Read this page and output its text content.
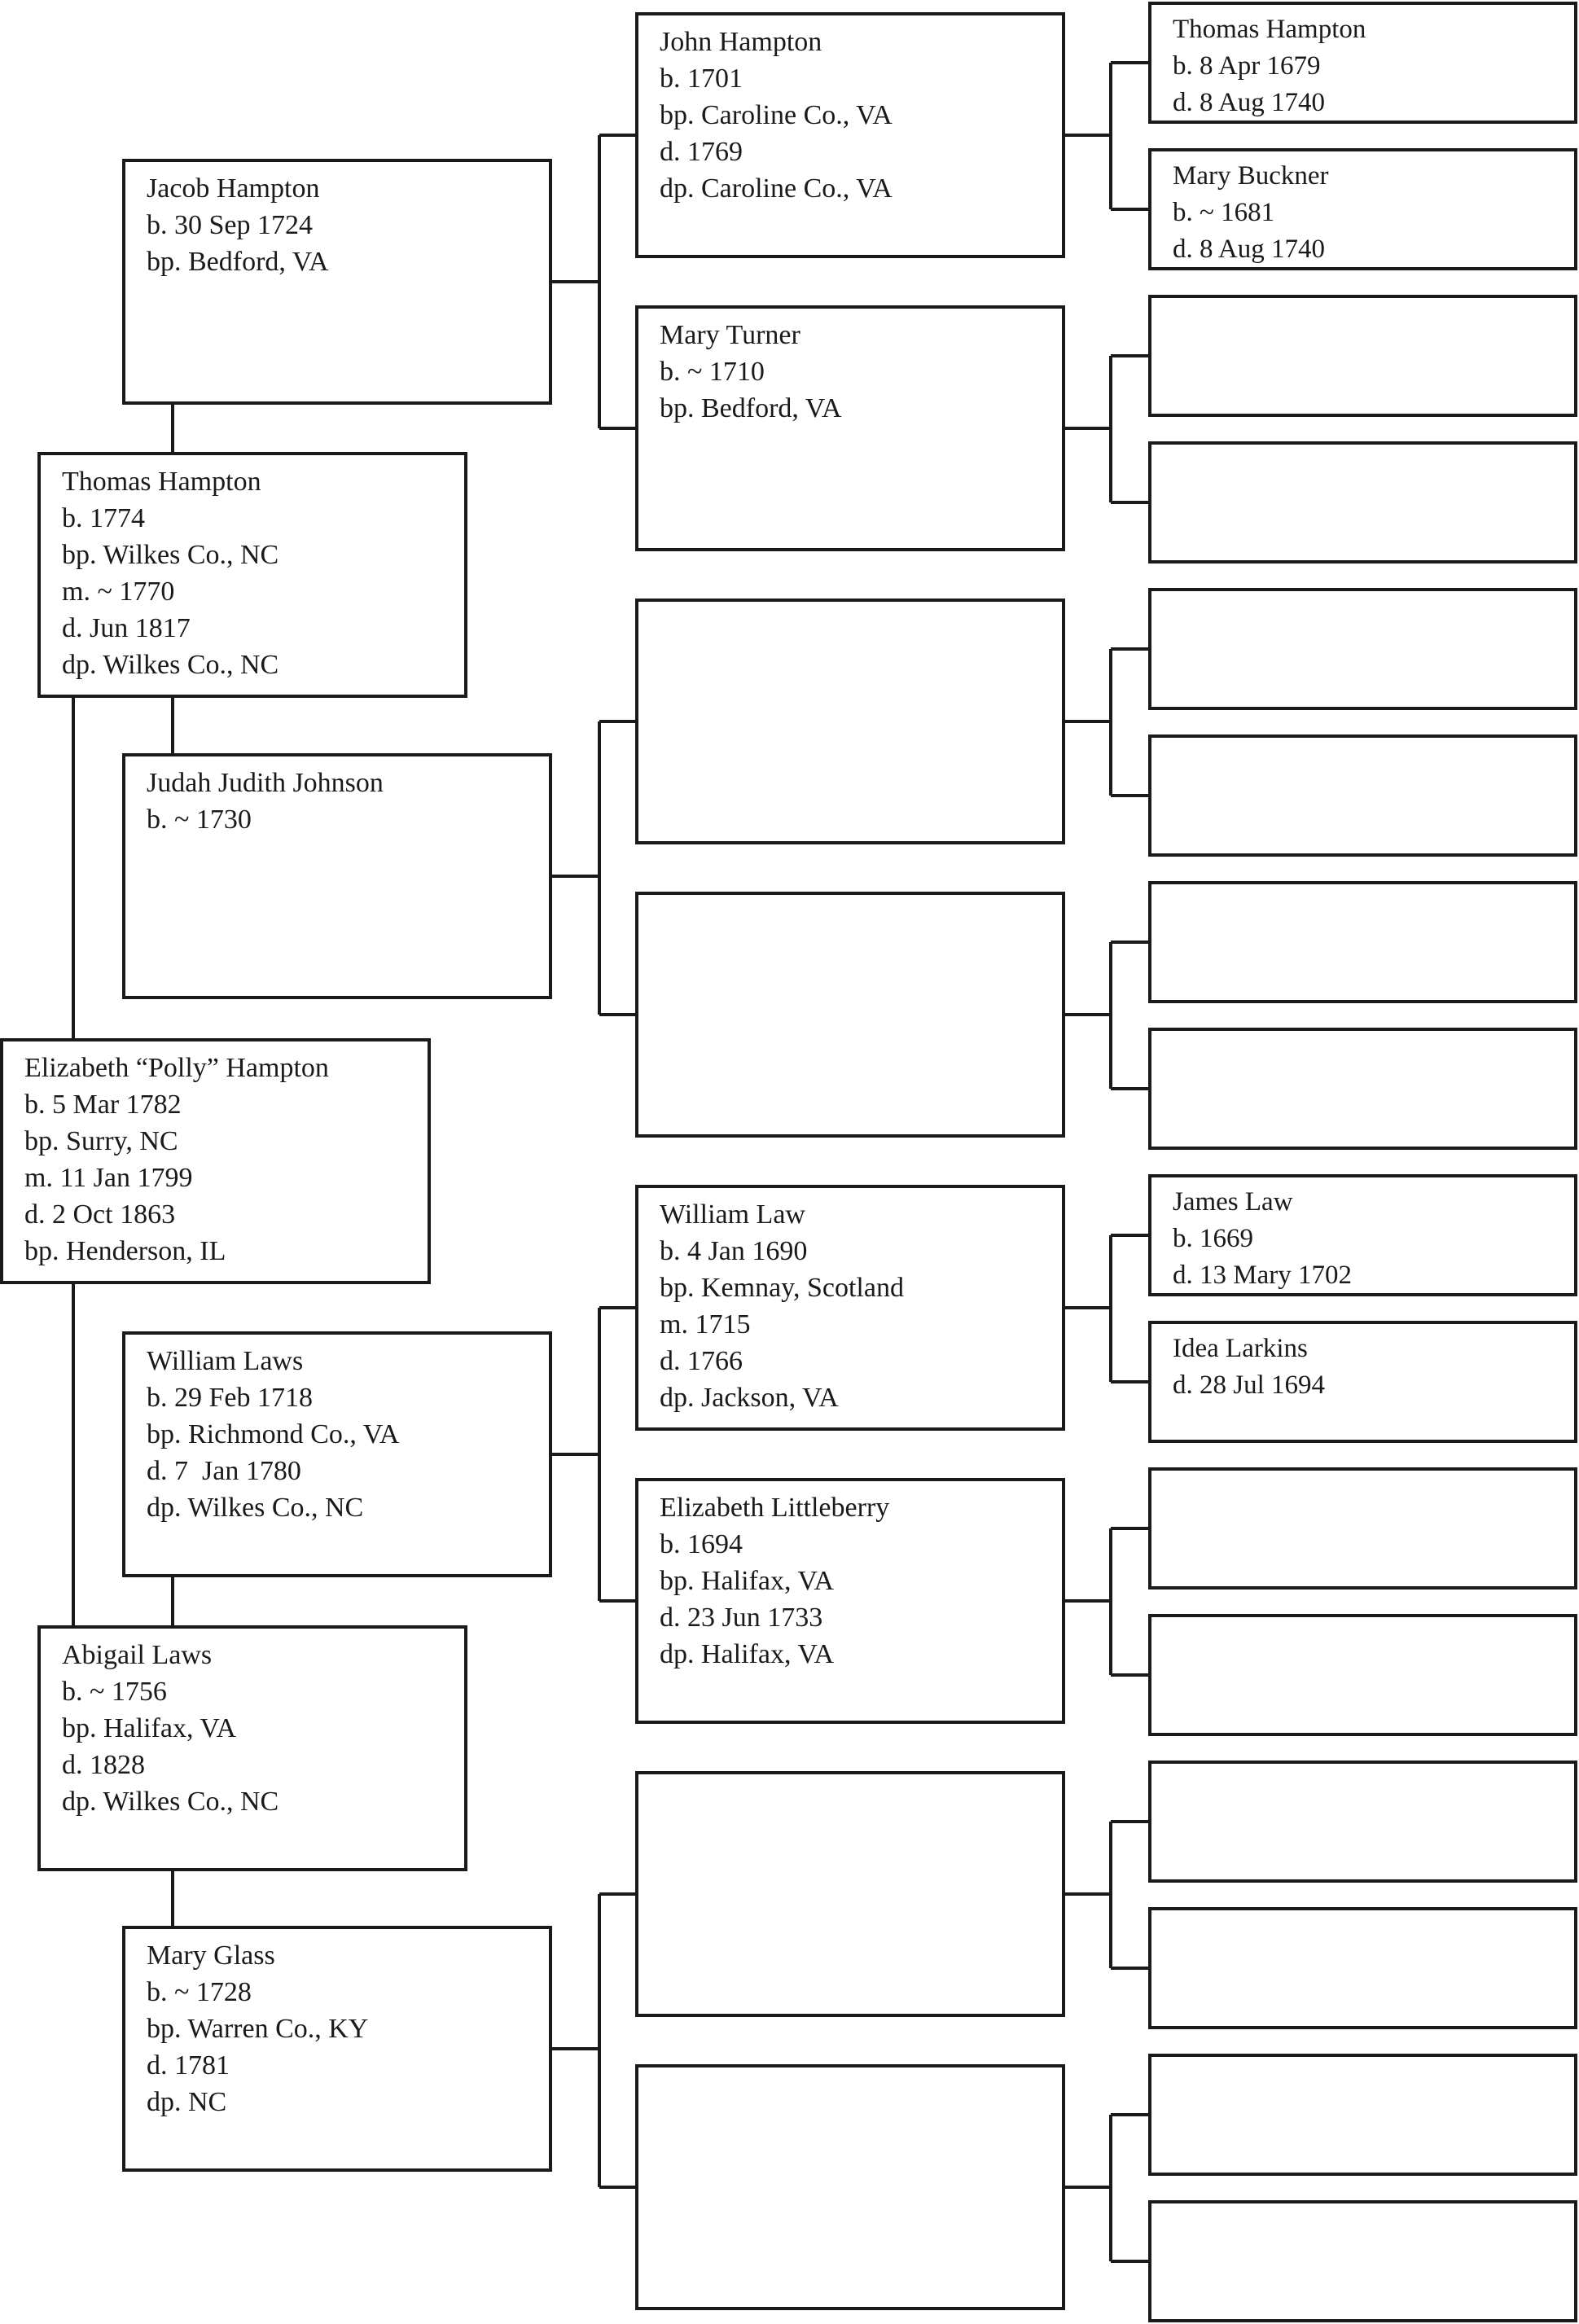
Elizabeth “Polly” Hampton
b. 5 Mar 1782
bp. Surry, NC
m. 11 Jan 1799
d. 2 Oct 1863
bp. Henderson, IL
Thomas Hampton
b. 1774
bp. Wilkes Co., NC
m. ~ 1770
d. Jun 1817
dp. Wilkes Co., NC
Abigail Laws
b. ~ 1756
bp. Halifax, VA
d. 1828
dp. Wilkes Co., NC
Jacob Hampton
b. 30 Sep 1724
bp. Bedford, VA
Judah Judith Johnson
b. ~ 1730
William Laws
b. 29 Feb 1718
bp. Richmond Co., VA
d. 7  Jan 1780
dp. Wilkes Co., NC
Mary Glass
b. ~ 1728
bp. Warren Co., KY
d. 1781
dp. NC
John Hampton
b. 1701
bp. Caroline Co., VA
d. 1769
dp. Caroline Co., VA
Mary Turner
b. ~ 1710
bp. Bedford, VA
William Law
b. 4 Jan 1690
bp. Kemnay, Scotland
m. 1715
d. 1766
dp. Jackson, VA
Elizabeth Littleberry
b. 1694
bp. Halifax, VA
d. 23 Jun 1733
dp. Halifax, VA
Thomas Hampton
b. 8 Apr 1679
d. 8 Aug 1740
Mary Buckner
b. ~ 1681
d. 8 Aug 1740
James Law
b. 1669
d. 13 Mary 1702
Idea Larkins
d. 28 Jul 1694
